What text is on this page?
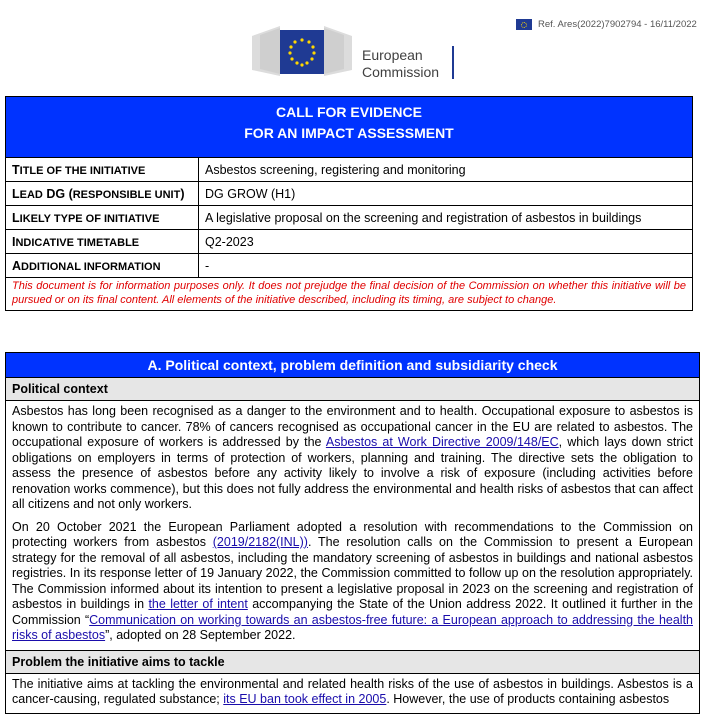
Ref. Ares(2022)7902794 - 16/11/2022
European
Commission
CALL FOR EVIDENCE
FOR AN IMPACT ASSESSMENT
TITLE OF THE INITIATIVE	Asbestos screening, registering and monitoring
LEAD DG (RESPONSIBLE UNIT)	DG GROW (H1)
LIKELY TYPE OF INITIATIVE	A legislative proposal on the screening and registration of asbestos in buildings
INDICATIVE TIMETABLE	Q2-2023
ADDITIONAL INFORMATION	-
This document is for information purposes only. It does not prejudge the final decision of the Commission on whether this initiative will be pursued or on its final content. All elements of the initiative described, including its timing, are subject to change.
A. Political context, problem definition and subsidiarity check
Political context

Asbestos has long been recognised as a danger to the environment and to health. Occupational exposure to asbestos is known to contribute to cancer. 78% of cancers recognised as occupational cancer in the EU are related to asbestos. The occupational exposure of workers is addressed by the Asbestos at Work Directive 2009/148/EC, which lays down strict obligations on employers in terms of protection of workers, planning and training. The directive sets the obligation to assess the presence of asbestos before any activity likely to involve a risk of exposure (including activities before renovation works commence), but this does not fully address the environmental and health risks of asbestos that can affect all citizens and not only workers.

On 20 October 2021 the European Parliament adopted a resolution with recommendations to the Commission on protecting workers from asbestos (2019/2182(INL)). The resolution calls on the Commission to present a European strategy for the removal of all asbestos, including the mandatory screening of asbestos in buildings and national asbestos registries. In its response letter of 19 January 2022, the Commission committed to follow up on the resolution appropriately. The Commission informed about its intention to present a legislative proposal in 2023 on the screening and registration of asbestos in buildings in the letter of intent accompanying the State of the Union address 2022. It outlined it further in the Commission “Communication on working towards an asbestos-free future: a European approach to addressing the health risks of asbestos”, adopted on 28 September 2022.

Problem the initiative aims to tackle

The initiative aims at tackling the environmental and related health risks of the use of asbestos in buildings. Asbestos is a cancer-causing, regulated substance; its EU ban took effect in 2005. However, the use of products containing asbestos
